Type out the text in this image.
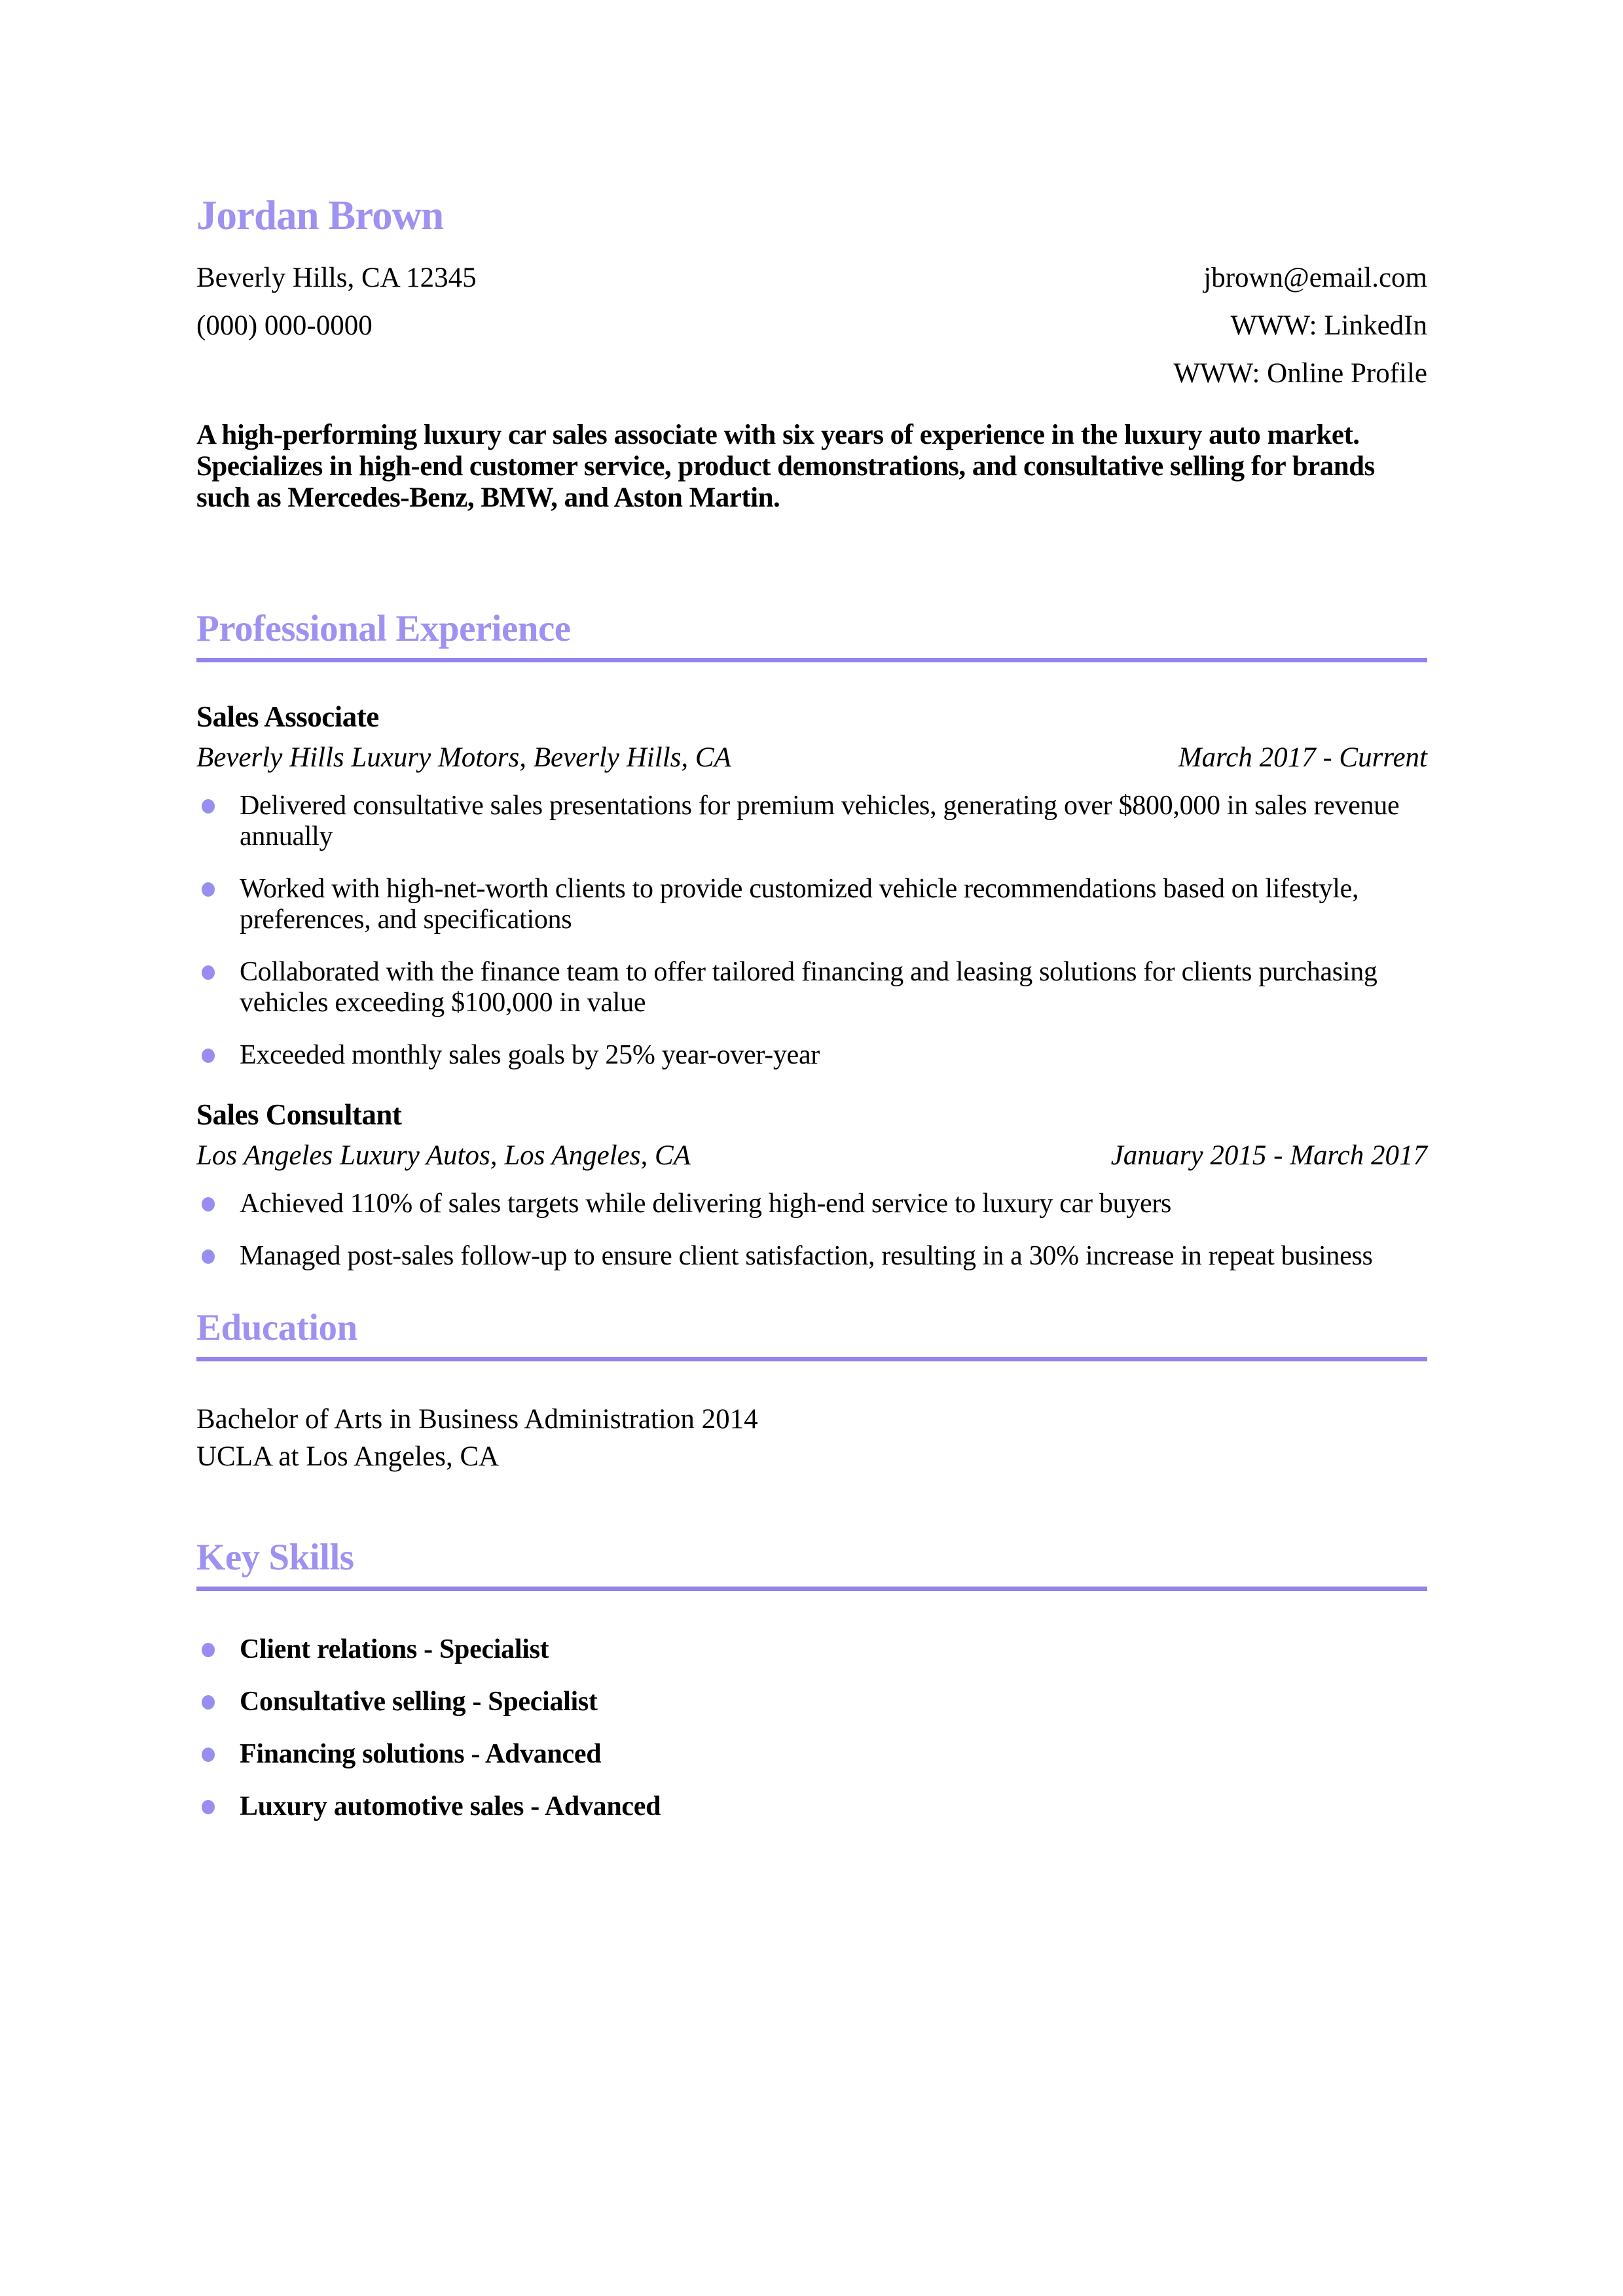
Jordan Brown
Beverly Hills, CA 12345	jbrown@email.com
(000) 000-0000	WWW: LinkedIn
WWW: Online Profile

A high-performing luxury car sales associate with six years of experience in the luxury auto market. Specializes in high-end customer service, product demonstrations, and consultative selling for brands such as Mercedes-Benz, BMW, and Aston Martin.

Professional Experience
Sales Associate
Beverly Hills Luxury Motors, Beverly Hills, CA	March 2017 - Current
Delivered consultative sales presentations for premium vehicles, generating over $800,000 in sales revenue annually
Worked with high-net-worth clients to provide customized vehicle recommendations based on lifestyle, preferences, and specifications
Collaborated with the finance team to offer tailored financing and leasing solutions for clients purchasing vehicles exceeding $100,000 in value
Exceeded monthly sales goals by 25% year-over-year
Sales Consultant
Los Angeles Luxury Autos, Los Angeles, CA	January 2015 - March 2017
Achieved 110% of sales targets while delivering high-end service to luxury car buyers
Managed post-sales follow-up to ensure client satisfaction, resulting in a 30% increase in repeat business
Education
Bachelor of Arts in Business Administration 2014
UCLA at Los Angeles, CA
Key Skills
Client relations - Specialist
Consultative selling - Specialist
Financing solutions - Advanced
Luxury automotive sales - Advanced
